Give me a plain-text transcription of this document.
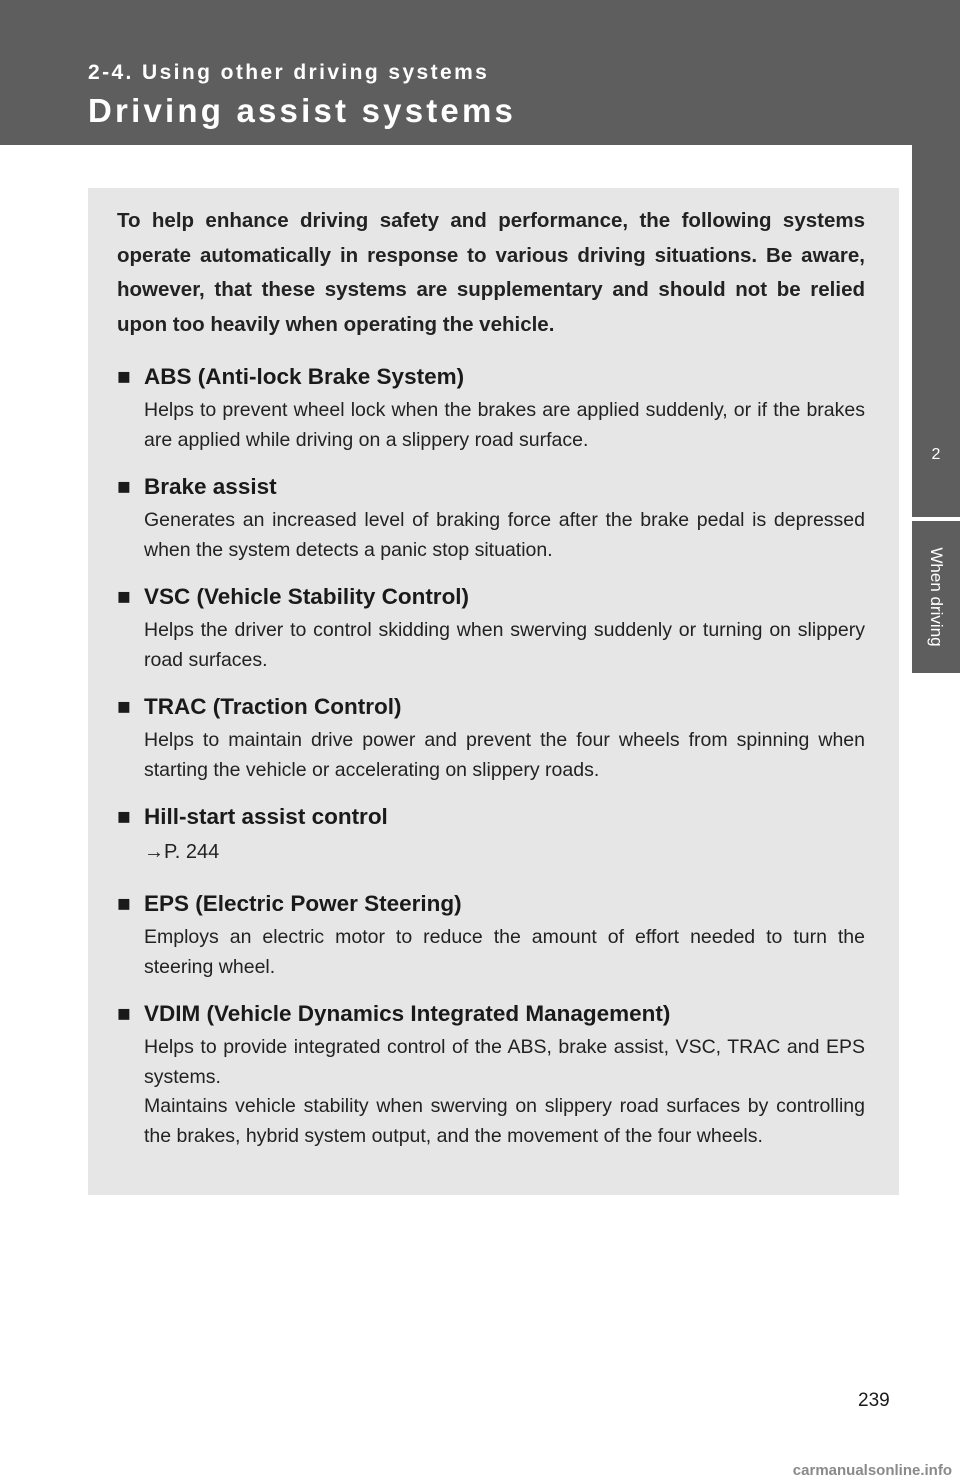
2-4. Using other driving systems
Driving assist systems
2
When driving

To help enhance driving safety and performance, the following systems operate automatically in response to various driving situations. Be aware, however, that these systems are supplementary and should not be relied upon too heavily when operating the vehicle.

■ ABS (Anti-lock Brake System)

Helps to prevent wheel lock when the brakes are applied suddenly, or if the brakes are applied while driving on a slippery road surface.

■ Brake assist

Generates an increased level of braking force after the brake pedal is depressed when the system detects a panic stop situation.

■ VSC (Vehicle Stability Control)

Helps the driver to control skidding when swerving suddenly or turning on slippery road surfaces.

■ TRAC (Traction Control)

Helps to maintain drive power and prevent the four wheels from spinning when starting the vehicle or accelerating on slippery roads.

■ Hill-start assist control

→P. 244

■ EPS (Electric Power Steering)

Employs an electric motor to reduce the amount of effort needed to turn the steering wheel.

■ VDIM (Vehicle Dynamics Integrated Management)

Helps to provide integrated control of the ABS, brake assist, VSC, TRAC and EPS systems.
Maintains vehicle stability when swerving on slippery road surfaces by controlling the brakes, hybrid system output, and the movement of the four wheels.

239
carmanualsonline.info
